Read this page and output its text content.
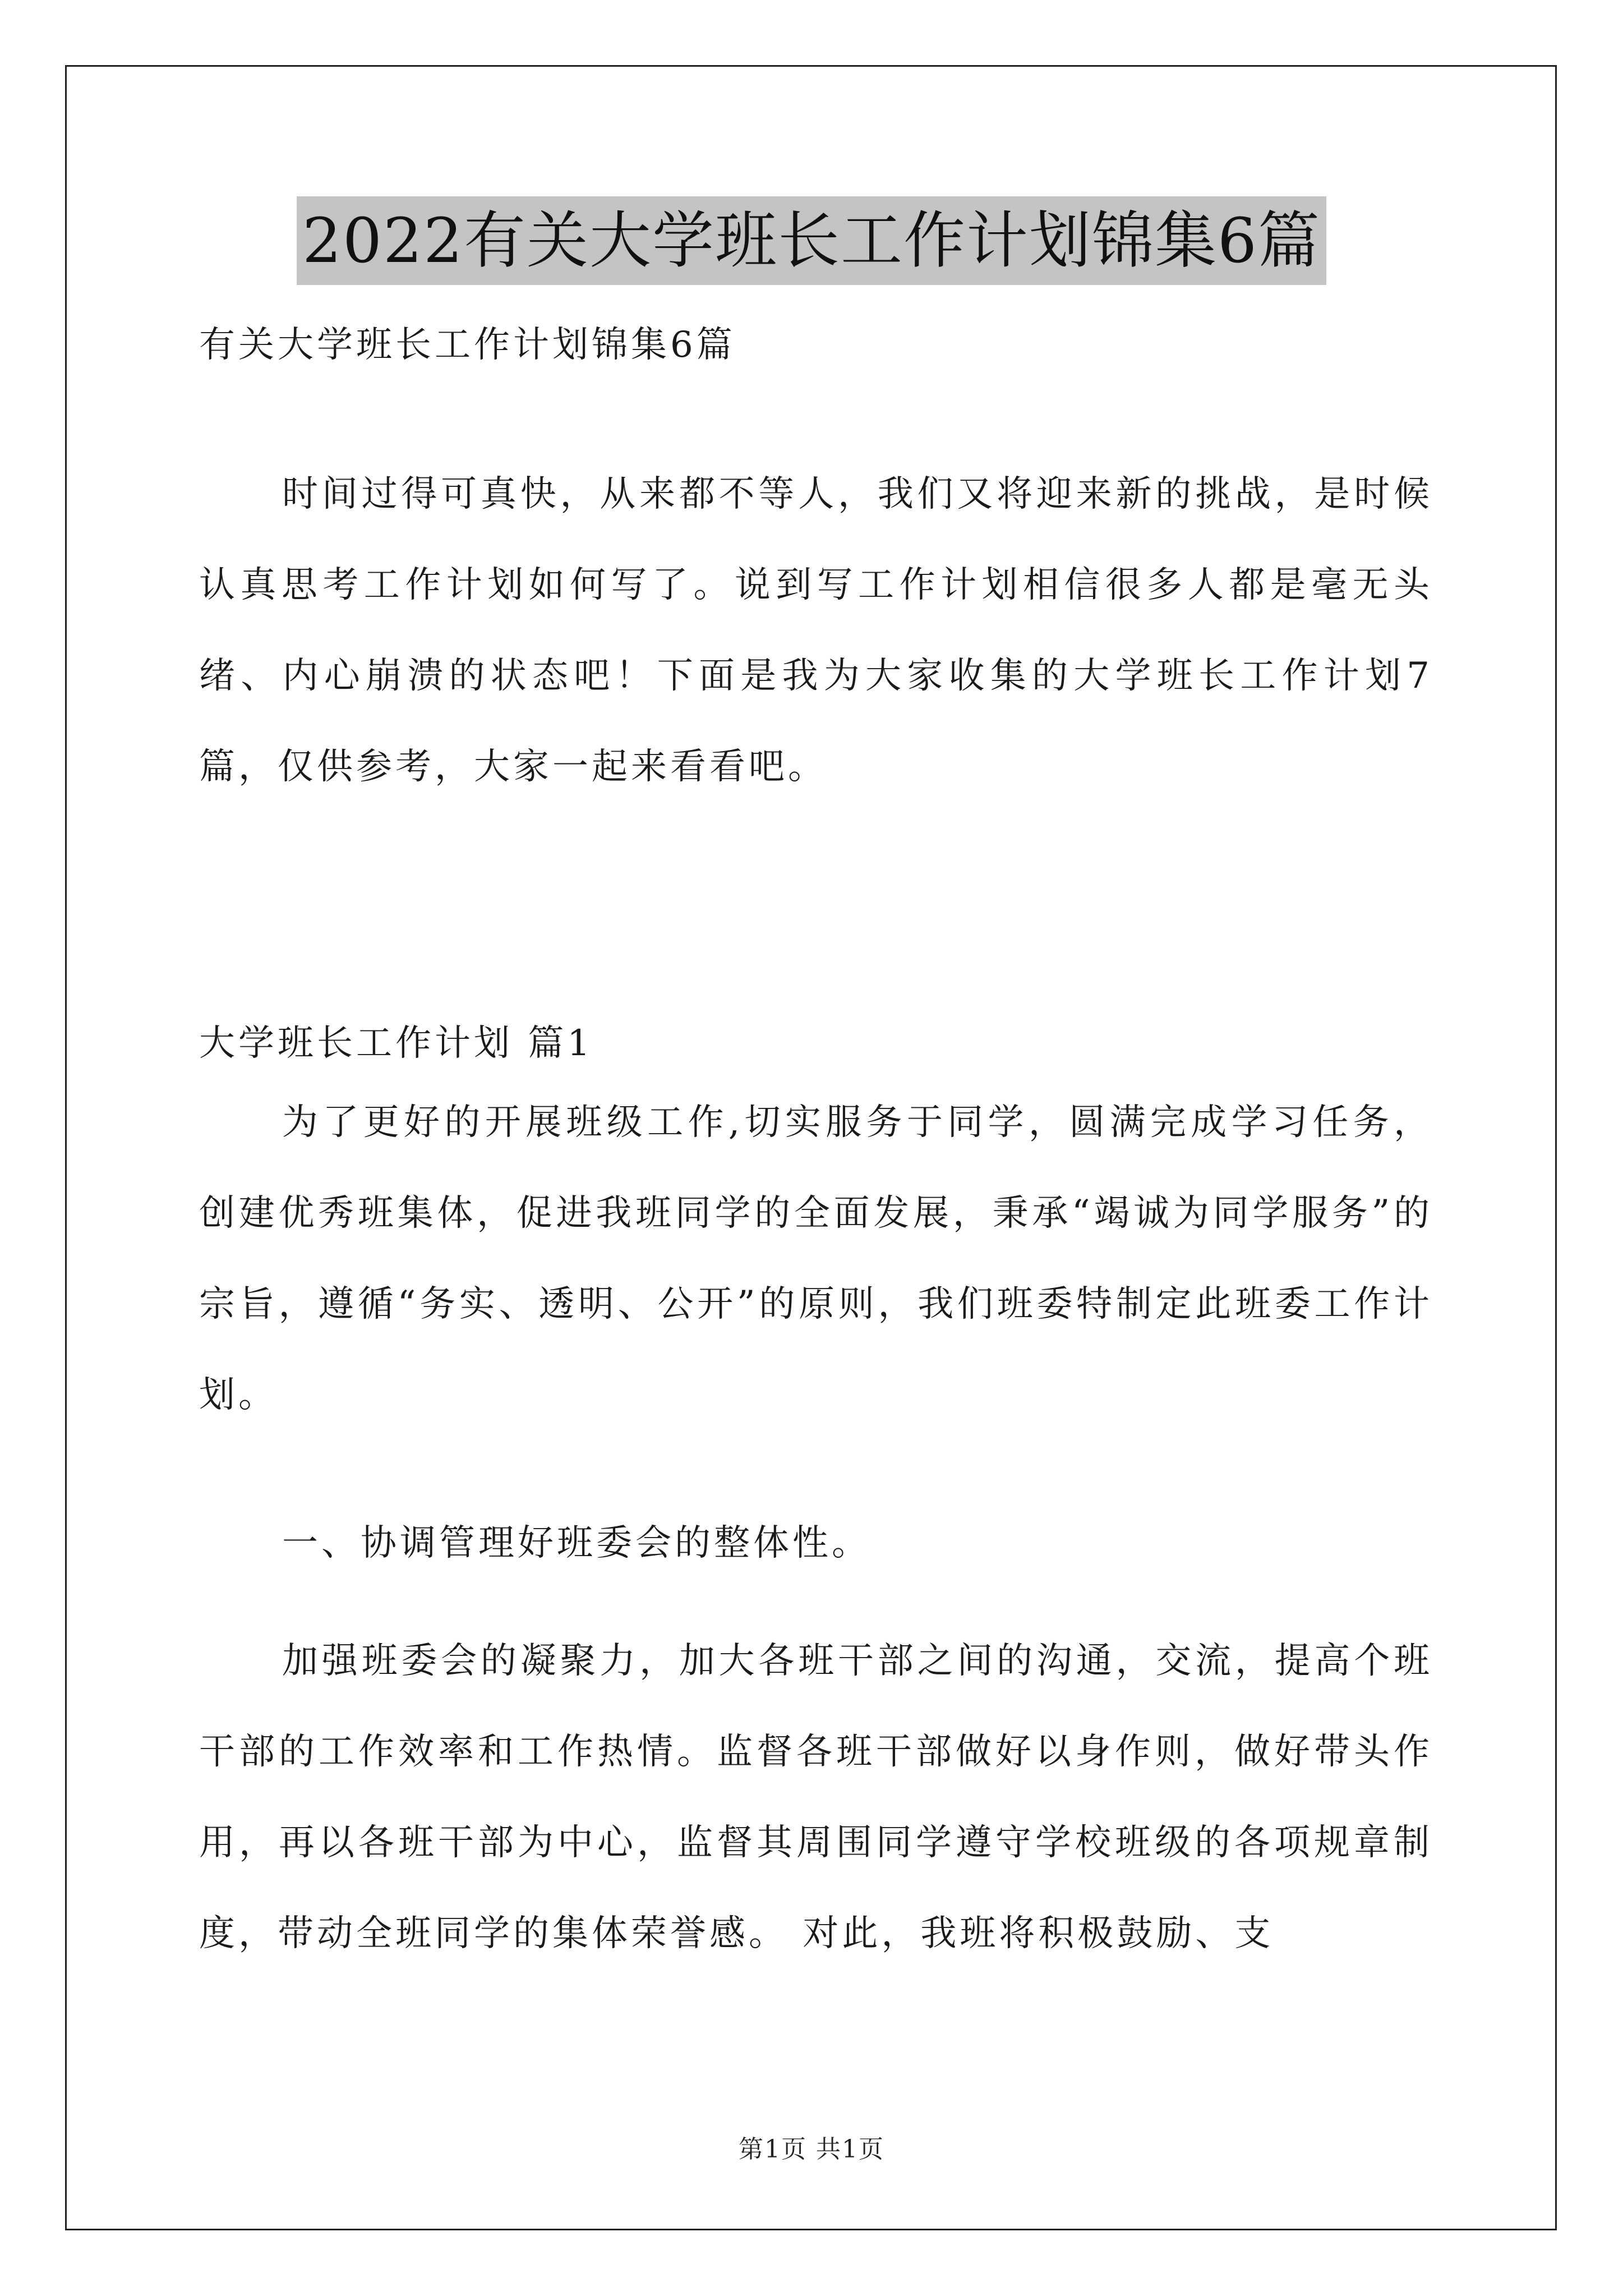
2022有关大学班长工作计划锦集6篇
有关大学班长工作计划锦集6篇
时间过得可真快，从来都不等人，我们又将迎来新的挑战，是时候认真思考工作计划如何写了。说到写工作计划相信很多人都是毫无头绪、内心崩溃的状态吧！下面是我为大家收集的大学班长工作计划7篇，仅供参考，大家一起来看看吧。
大学班长工作计划 篇1
为了更好的开展班级工作,切实服务于同学，圆满完成学习任务，创建优秀班集体，促进我班同学的全面发展，秉承“竭诚为同学服务”的宗旨，遵循“务实、透明、公开”的原则，我们班委特制定此班委工作计划。
一、协调管理好班委会的整体性。
加强班委会的凝聚力，加大各班干部之间的沟通，交流，提高个班干部的工作效率和工作热情。监督各班干部做好以身作则，做好带头作用，再以各班干部为中心，监督其周围同学遵守学校班级的各项规章制度，带动全班同学的集体荣誉感。 对此，我班将积极鼓励、支
第1页 共1页
